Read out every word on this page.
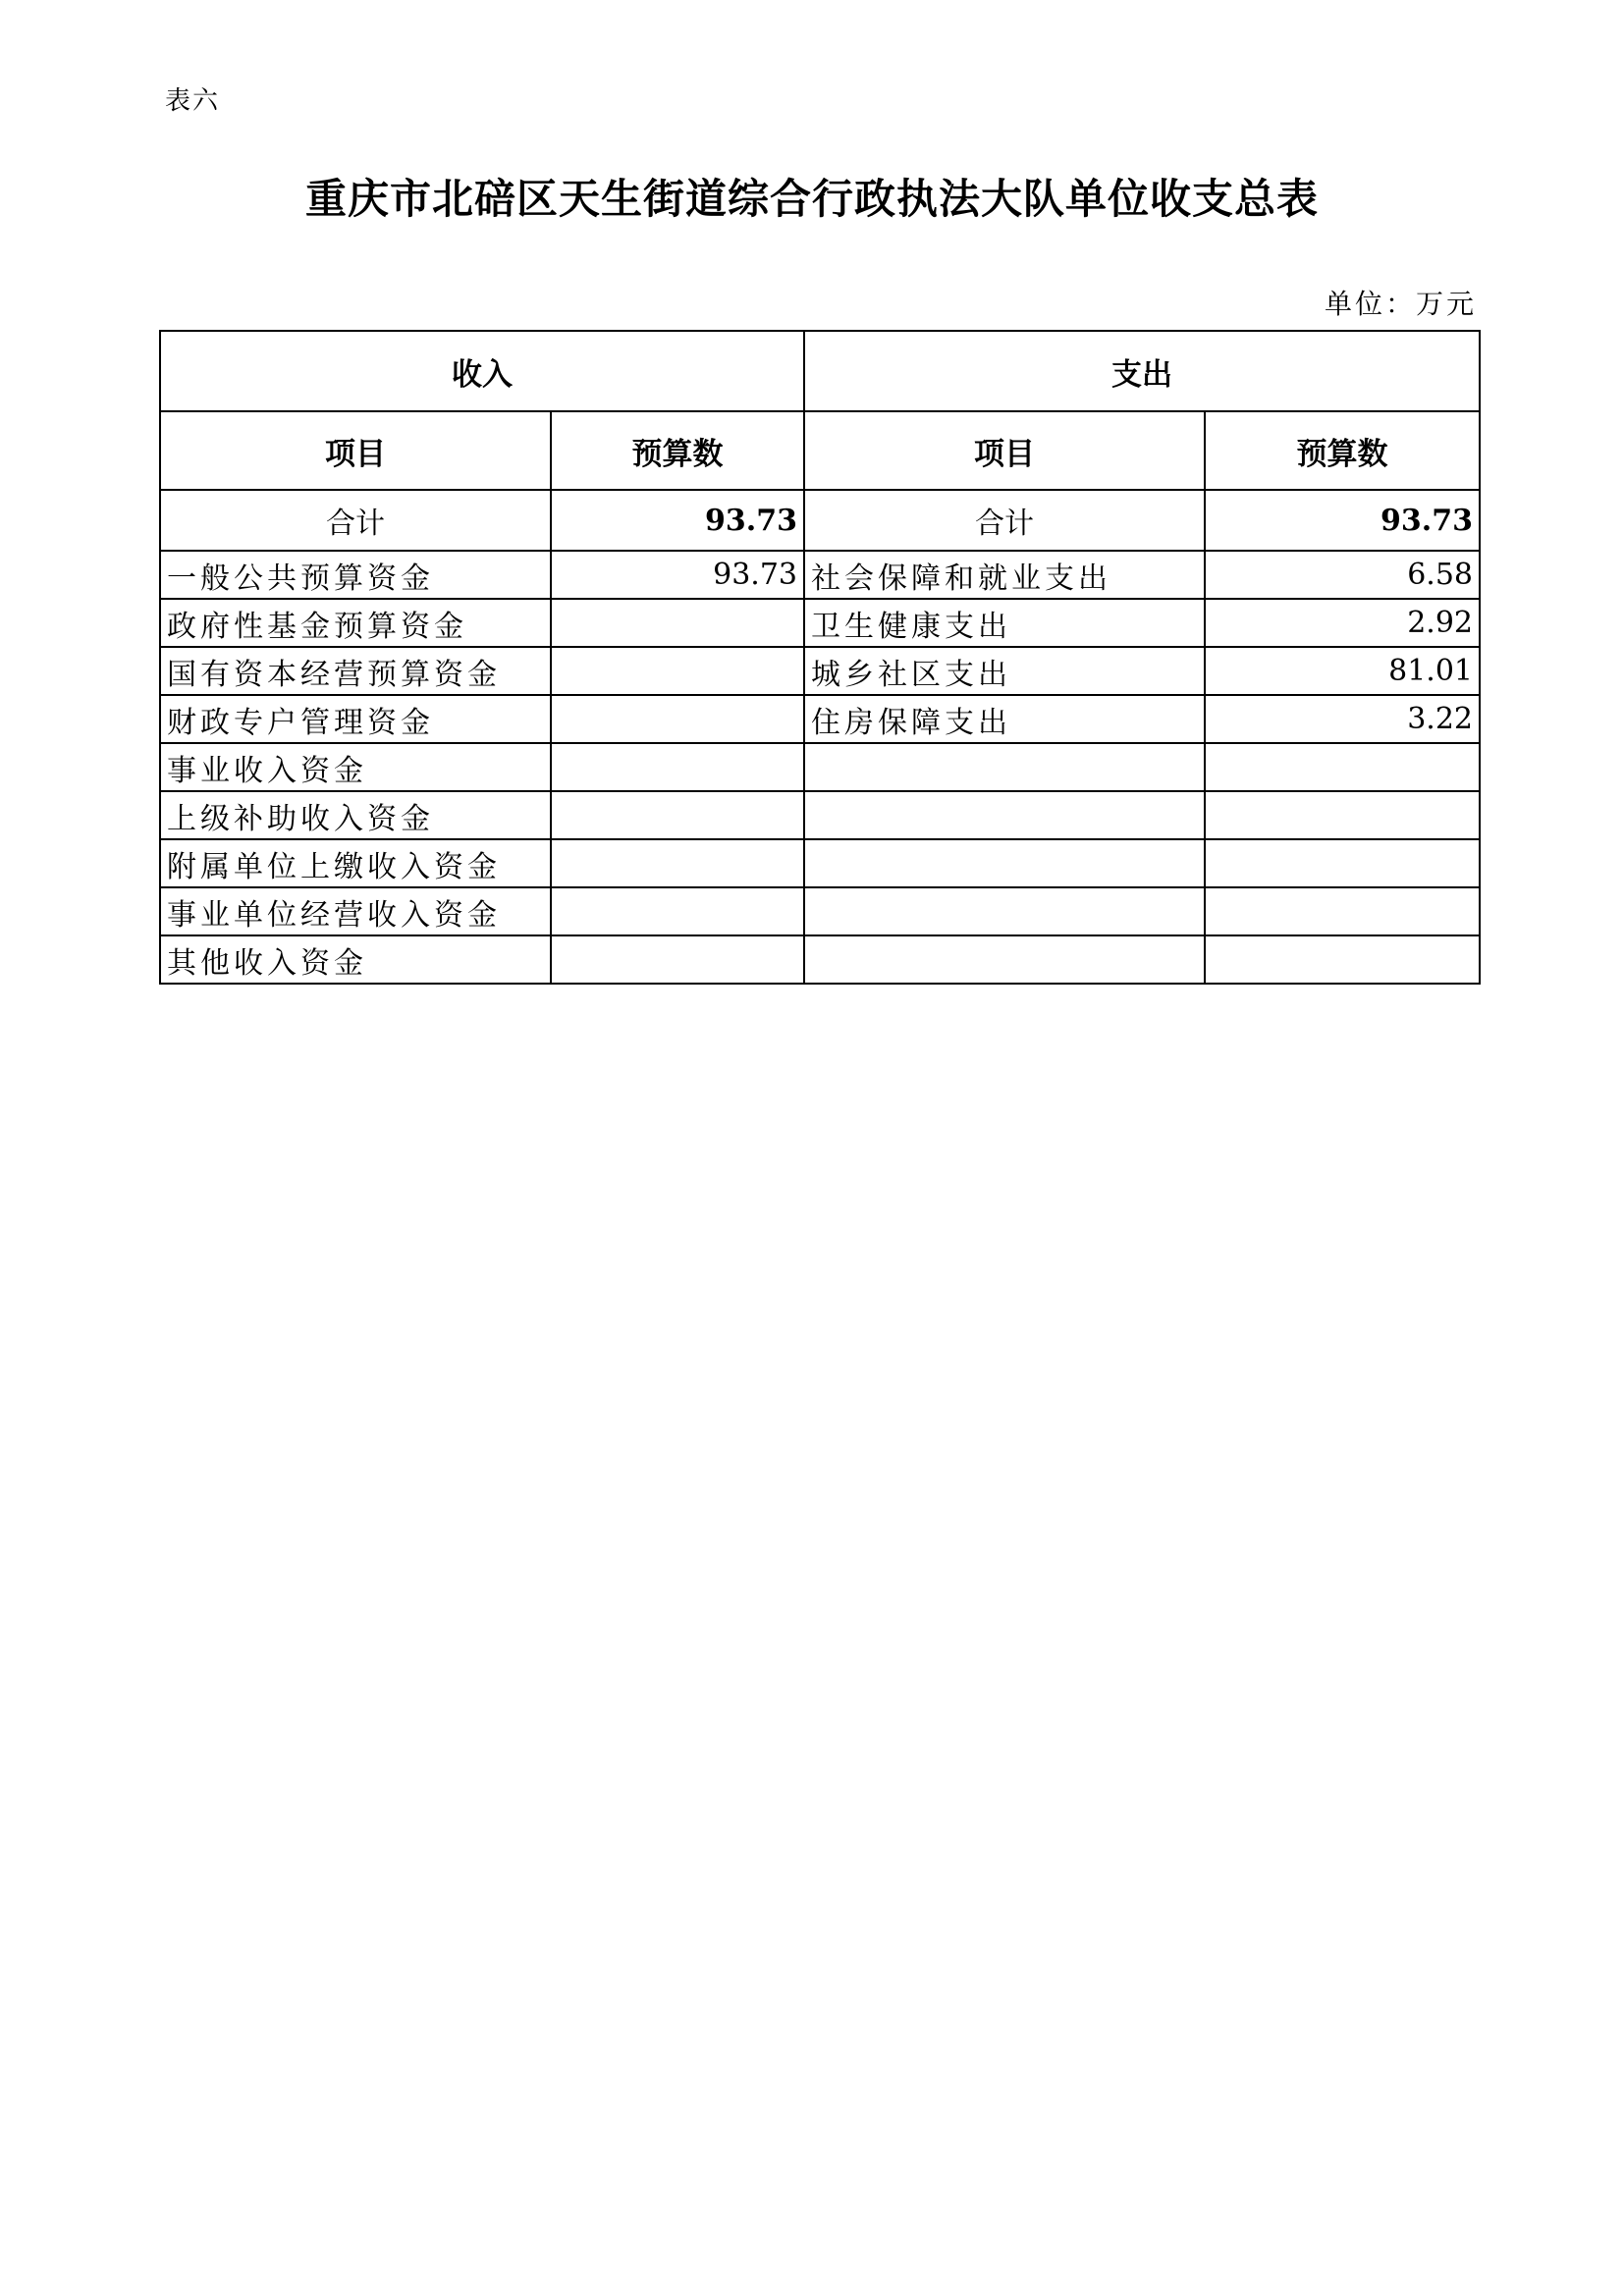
表六
重庆市北碚区天生街道综合行政执法大队单位收支总表
单位：万元
收入		支出	
项目	预算数	项目	预算数
合计	93.73	合计	93.73
一般公共预算资金	93.73	社会保障和就业支出	6.58
政府性基金预算资金		卫生健康支出	2.92
国有资本经营预算资金		城乡社区支出	81.01
财政专户管理资金		住房保障支出	3.22
事业收入资金			
上级补助收入资金			
附属单位上缴收入资金			
事业单位经营收入资金			
其他收入资金			
